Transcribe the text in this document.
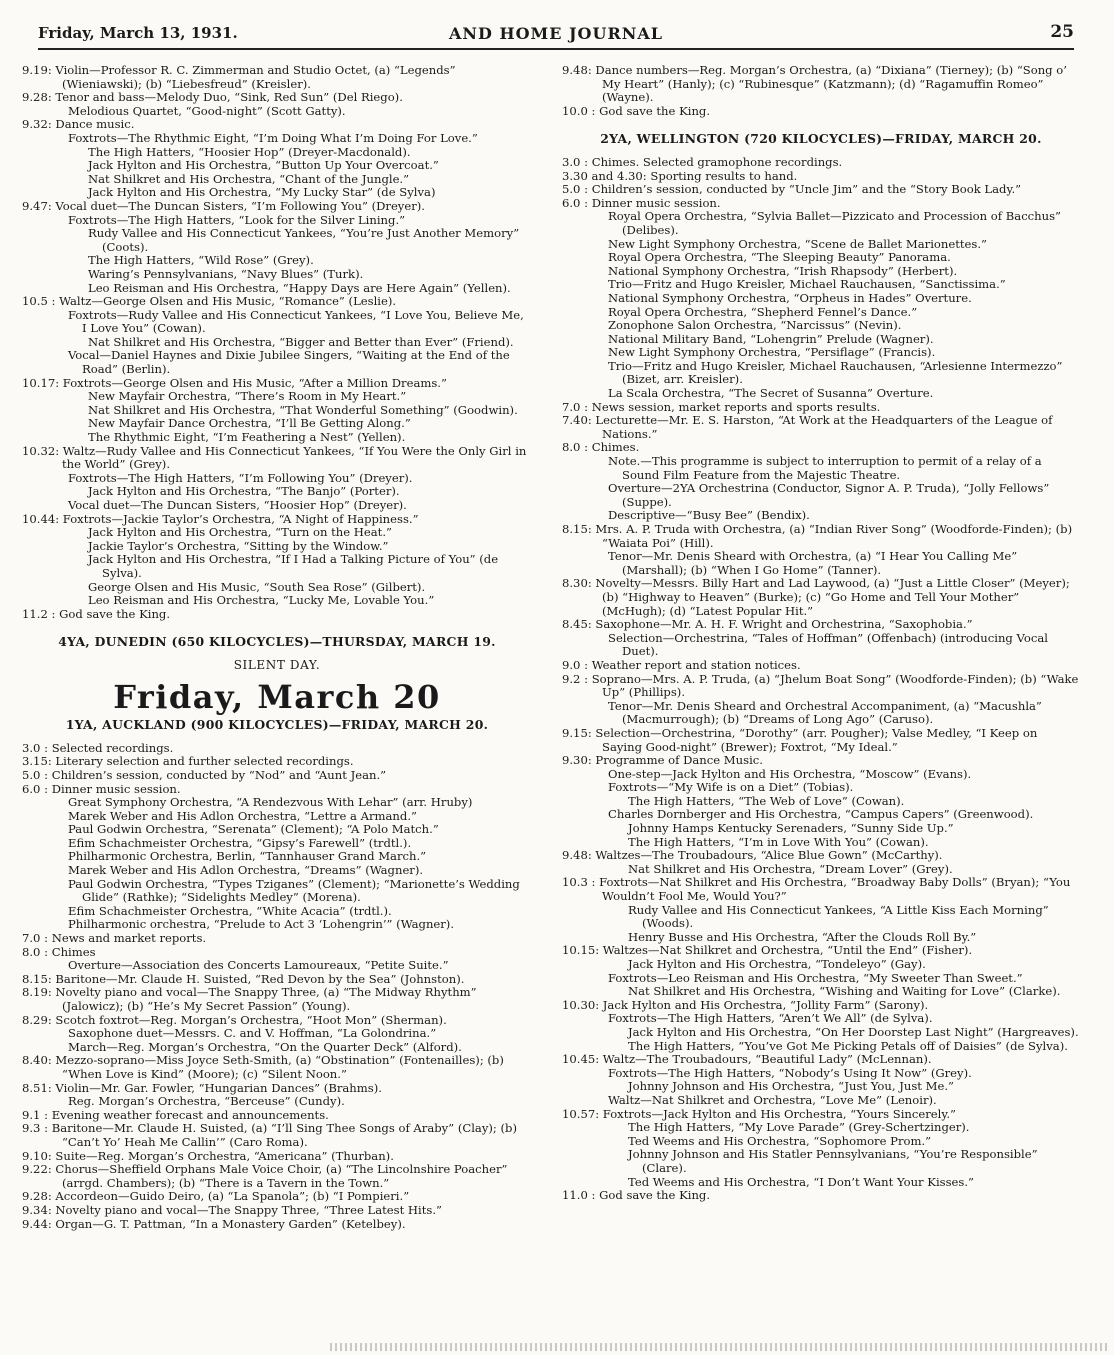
Friday, March 13, 1931.	AND HOME JOURNAL	25

9.19: Violin—Professor R. C. Zimmerman and Studio Octet, (a) “Legends” (Wieniawski); (b) “Liebesfreud” (Kreisler).

9.28: Tenor and bass—Melody Duo, “Sink, Red Sun” (Del Riego).

Melodious Quartet, “Good-night” (Scott Gatty).

9.32: Dance music.

Foxtrots—The Rhythmic Eight, “I’m Doing What I’m Doing For Love.”

The High Hatters, “Hoosier Hop” (Dreyer-Macdonald).

Jack Hylton and His Orchestra, “Button Up Your Overcoat.”

Nat Shilkret and His Orchestra, “Chant of the Jungle.”

Jack Hylton and His Orchestra, “My Lucky Star” (de Sylva)

9.47: Vocal duet—The Duncan Sisters, “I’m Following You” (Dreyer).

Foxtrots—The High Hatters, “Look for the Silver Lining.”

Rudy Vallee and His Connecticut Yankees, “You’re Just Another Memory” (Coots).

The High Hatters, “Wild Rose” (Grey).

Waring’s Pennsylvanians, “Navy Blues” (Turk).

Leo Reisman and His Orchestra, “Happy Days are Here Again” (Yellen).

10.5 : Waltz—George Olsen and His Music, “Romance” (Leslie).

Foxtrots—Rudy Vallee and His Connecticut Yankees, “I Love You, Believe Me, I Love You” (Cowan).

Nat Shilkret and His Orchestra, “Bigger and Better than Ever” (Friend).

Vocal—Daniel Haynes and Dixie Jubilee Singers, “Waiting at the End of the Road” (Berlin).

10.17: Foxtrots—George Olsen and His Music, “After a Million Dreams.”

New Mayfair Orchestra, “There’s Room in My Heart.”

Nat Shilkret and His Orchestra, “That Wonderful Something” (Goodwin).

New Mayfair Dance Orchestra, “I’ll Be Getting Along.”

The Rhythmic Eight, “I’m Feathering a Nest” (Yellen).

10.32: Waltz—Rudy Vallee and His Connecticut Yankees, “If You Were the Only Girl in the World” (Grey).

Foxtrots—The High Hatters, “I’m Following You” (Dreyer).

Jack Hylton and His Orchestra, “The Banjo” (Porter).

Vocal duet—The Duncan Sisters, “Hoosier Hop” (Dreyer).

10.44: Foxtrots—Jackie Taylor’s Orchestra, “A Night of Happiness.”

Jack Hylton and His Orchestra, “Turn on the Heat.”

Jackie Taylor’s Orchestra, “Sitting by the Window.”

Jack Hylton and His Orchestra, “If I Had a Talking Picture of You” (de Sylva).

George Olsen and His Music, “South Sea Rose” (Gilbert).

Leo Reisman and His Orchestra, “Lucky Me, Lovable You.”

11.2 : God save the King.

4YA, DUNEDIN (650 KILOCYCLES)—THURSDAY, MARCH 19.
SILENT DAY.
Friday, March 20
1YA, AUCKLAND (900 KILOCYCLES)—FRIDAY, MARCH 20.

3.0 : Selected recordings.

3.15: Literary selection and further selected recordings.

5.0 : Children’s session, conducted by “Nod” and “Aunt Jean.”

6.0 : Dinner music session.

Great Symphony Orchestra, “A Rendezvous With Lehar” (arr. Hruby)

Marek Weber and His Adlon Orchestra, “Lettre a Armand.”

Paul Godwin Orchestra, “Serenata” (Clement); “A Polo Match.”

Efim Schachmeister Orchestra, “Gipsy’s Farewell” (trdtl.).

Philharmonic Orchestra, Berlin, “Tannhauser Grand March.”

Marek Weber and His Adlon Orchestra, “Dreams” (Wagner).

Paul Godwin Orchestra, “Types Tziganes” (Clement); “Marionette’s Wedding Glide” (Rathke); “Sidelights Medley” (Morena).

Efim Schachmeister Orchestra, “White Acacia” (trdtl.).

Philharmonic orchestra, “Prelude to Act 3 ‘Lohengrin’” (Wagner).

7.0 : News and market reports.

8.0 : Chimes

Overture—Association des Concerts Lamoureaux, “Petite Suite.”

8.15: Baritone—Mr. Claude H. Suisted, “Red Devon by the Sea” (Johnston).

8.19: Novelty piano and vocal—The Snappy Three, (a) “The Midway Rhythm” (Jalowicz); (b) “He’s My Secret Passion” (Young).

8.29: Scotch foxtrot—Reg. Morgan’s Orchestra, “Hoot Mon” (Sherman).

Saxophone duet—Messrs. C. and V. Hoffman, “La Golondrina.”

March—Reg. Morgan’s Orchestra, “On the Quarter Deck” (Alford).

8.40: Mezzo-soprano—Miss Joyce Seth-Smith, (a) “Obstination” (Fontenailles); (b) “When Love is Kind” (Moore); (c) “Silent Noon.”

8.51: Violin—Mr. Gar. Fowler, “Hungarian Dances” (Brahms).

Reg. Morgan’s Orchestra, “Berceuse” (Cundy).

9.1 : Evening weather forecast and announcements.

9.3 : Baritone—Mr. Claude H. Suisted, (a) “I’ll Sing Thee Songs of Araby” (Clay); (b) “Can’t Yo’ Heah Me Callin’” (Caro Roma).

9.10: Suite—Reg. Morgan’s Orchestra, “Americana” (Thurban).

9.22: Chorus—Sheffield Orphans Male Voice Choir, (a) “The Lincolnshire Poacher” (arrgd. Chambers); (b) “There is a Tavern in the Town.”

9.28: Accordeon—Guido Deiro, (a) “La Spanola”; (b) “I Pompieri.”

9.34: Novelty piano and vocal—The Snappy Three, “Three Latest Hits.”

9.44: Organ—G. T. Pattman, “In a Monastery Garden” (Ketelbey).

9.48: Dance numbers—Reg. Morgan’s Orchestra, (a) “Dixiana” (Tierney); (b) “Song o’ My Heart” (Hanly); (c) “Rubinesque” (Katzmann); (d) “Ragamuffin Romeo” (Wayne).

10.0 : God save the King.

2YA, WELLINGTON (720 KILOCYCLES)—FRIDAY, MARCH 20.

3.0 : Chimes. Selected gramophone recordings.

3.30 and 4.30: Sporting results to hand.

5.0 : Children’s session, conducted by “Uncle Jim” and the “Story Book Lady.”

6.0 : Dinner music session.

Royal Opera Orchestra, “Sylvia Ballet—Pizzicato and Procession of Bacchus” (Delibes).

New Light Symphony Orchestra, “Scene de Ballet Marionettes.”

Royal Opera Orchestra, “The Sleeping Beauty” Panorama.

National Symphony Orchestra, “Irish Rhapsody” (Herbert).

Trio—Fritz and Hugo Kreisler, Michael Rauchausen, “Sanctissima.”

National Symphony Orchestra, “Orpheus in Hades” Overture.

Royal Opera Orchestra, “Shepherd Fennel’s Dance.”

Zonophone Salon Orchestra, “Narcissus” (Nevin).

National Military Band, “Lohengrin” Prelude (Wagner).

New Light Symphony Orchestra, “Persiflage” (Francis).

Trio—Fritz and Hugo Kreisler, Michael Rauchausen, “Arlesienne Intermezzo” (Bizet, arr. Kreisler).

La Scala Orchestra, “The Secret of Susanna” Overture.

7.0 : News session, market reports and sports results.

7.40: Lecturette—Mr. E. S. Harston, “At Work at the Headquarters of the League of Nations.”

8.0 : Chimes.

Note.—This programme is subject to interruption to permit of a relay of a Sound Film Feature from the Majestic Theatre.

Overture—2YA Orchestrina (Conductor, Signor A. P. Truda), “Jolly Fellows” (Suppe).

Descriptive—“Busy Bee” (Bendix).

8.15: Mrs. A. P. Truda with Orchestra, (a) “Indian River Song” (Woodforde-Finden); (b) “Waiata Poi” (Hill).

Tenor—Mr. Denis Sheard with Orchestra, (a) “I Hear You Calling Me” (Marshall); (b) “When I Go Home” (Tanner).

8.30: Novelty—Messrs. Billy Hart and Lad Laywood, (a) “Just a Little Closer” (Meyer); (b) “Highway to Heaven” (Burke); (c) “Go Home and Tell Your Mother” (McHugh); (d) “Latest Popular Hit.”

8.45: Saxophone—Mr. A. H. F. Wright and Orchestrina, “Saxophobia.”

Selection—Orchestrina, “Tales of Hoffman” (Offenbach) (introducing Vocal Duet).

9.0 : Weather report and station notices.

9.2 : Soprano—Mrs. A. P. Truda, (a) “Jhelum Boat Song” (Woodforde-Finden); (b) “Wake Up” (Phillips).

Tenor—Mr. Denis Sheard and Orchestral Accompaniment, (a) “Macushla” (Macmurrough); (b) “Dreams of Long Ago” (Caruso).

9.15: Selection—Orchestrina, “Dorothy” (arr. Pougher); Valse Medley, “I Keep on Saying Good-night” (Brewer); Foxtrot, “My Ideal.”

9.30: Programme of Dance Music.

One-step—Jack Hylton and His Orchestra, “Moscow” (Evans).

Foxtrots—“My Wife is on a Diet” (Tobias).

The High Hatters, “The Web of Love” (Cowan).

Charles Dornberger and His Orchestra, “Campus Capers” (Greenwood).

Johnny Hamps Kentucky Serenaders, “Sunny Side Up.”

The High Hatters, “I’m in Love With You” (Cowan).

9.48: Waltzes—The Troubadours, “Alice Blue Gown” (McCarthy).

Nat Shilkret and His Orchestra, “Dream Lover” (Grey).

10.3 : Foxtrots—Nat Shilkret and His Orchestra, “Broadway Baby Dolls” (Bryan); “You Wouldn’t Fool Me, Would You?”

Rudy Vallee and His Connecticut Yankees, “A Little Kiss Each Morning” (Woods).

Henry Busse and His Orchestra, “After the Clouds Roll By.”

10.15: Waltzes—Nat Shilkret and Orchestra, “Until the End” (Fisher).

Jack Hylton and His Orchestra, “Tondeleyo” (Gay).

Foxtrots—Leo Reisman and His Orchestra, “My Sweeter Than Sweet.”

Nat Shilkret and His Orchestra, “Wishing and Waiting for Love” (Clarke).

10.30: Jack Hylton and His Orchestra, “Jollity Farm” (Sarony).

Foxtrots—The High Hatters, “Aren’t We All” (de Sylva).

Jack Hylton and His Orchestra, “On Her Doorstep Last Night” (Hargreaves).

The High Hatters, “You’ve Got Me Picking Petals off of Daisies” (de Sylva).

10.45: Waltz—The Troubadours, “Beautiful Lady” (McLennan).

Foxtrots—The High Hatters, “Nobody’s Using It Now” (Grey).

Johnny Johnson and His Orchestra, “Just You, Just Me.”

Waltz—Nat Shilkret and Orchestra, “Love Me” (Lenoir).

10.57: Foxtrots—Jack Hylton and His Orchestra, “Yours Sincerely.”

The High Hatters, “My Love Parade” (Grey-Schertzinger).

Ted Weems and His Orchestra, “Sophomore Prom.”

Johnny Johnson and His Statler Pennsylvanians, “You’re Responsible” (Clare).

Ted Weems and His Orchestra, “I Don’t Want Your Kisses.”

11.0 : God save the King.
